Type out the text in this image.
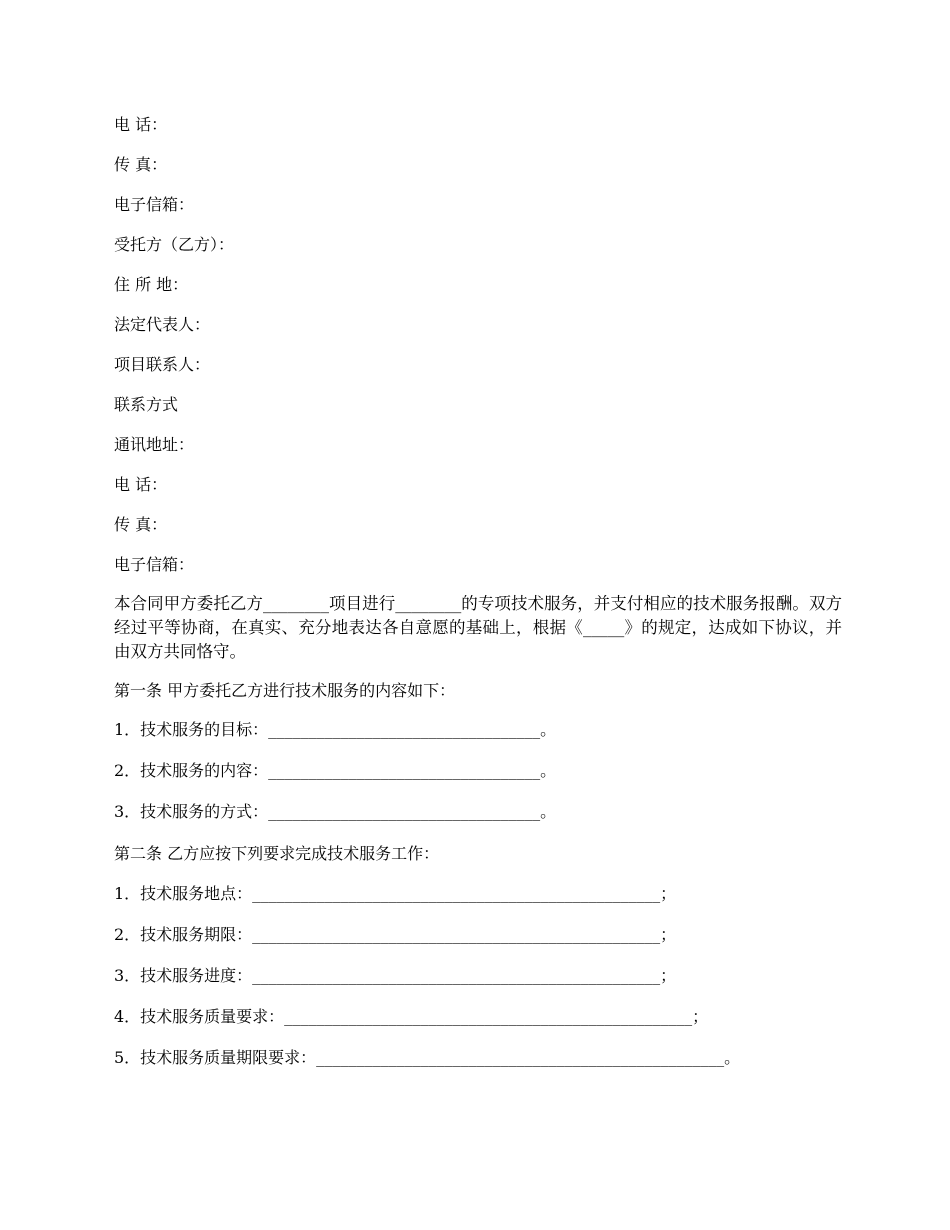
电 话：
传 真：
电子信箱：
受托方（乙方）：
住 所 地：
法定代表人：
项目联系人：
联系方式
通讯地址：
电 话：
传 真：
电子信箱：
本合同甲方委托乙方________项目进行________的专项技术服务，并支付相应的技术服务报酬。双方经过平等协商，在真实、充分地表达各自意愿的基础上，根据《_____》的规定，达成如下协议，并由双方共同恪守。
第一条 甲方委托乙方进行技术服务的内容如下：
1．技术服务的目标：__________________________________。
2．技术服务的内容：__________________________________。
3．技术服务的方式：__________________________________。
第二条 乙方应按下列要求完成技术服务工作：
1．技术服务地点：___________________________________________________；
2．技术服务期限：___________________________________________________；
3．技术服务进度：___________________________________________________；
4．技术服务质量要求：___________________________________________________；
5．技术服务质量期限要求：___________________________________________________。
